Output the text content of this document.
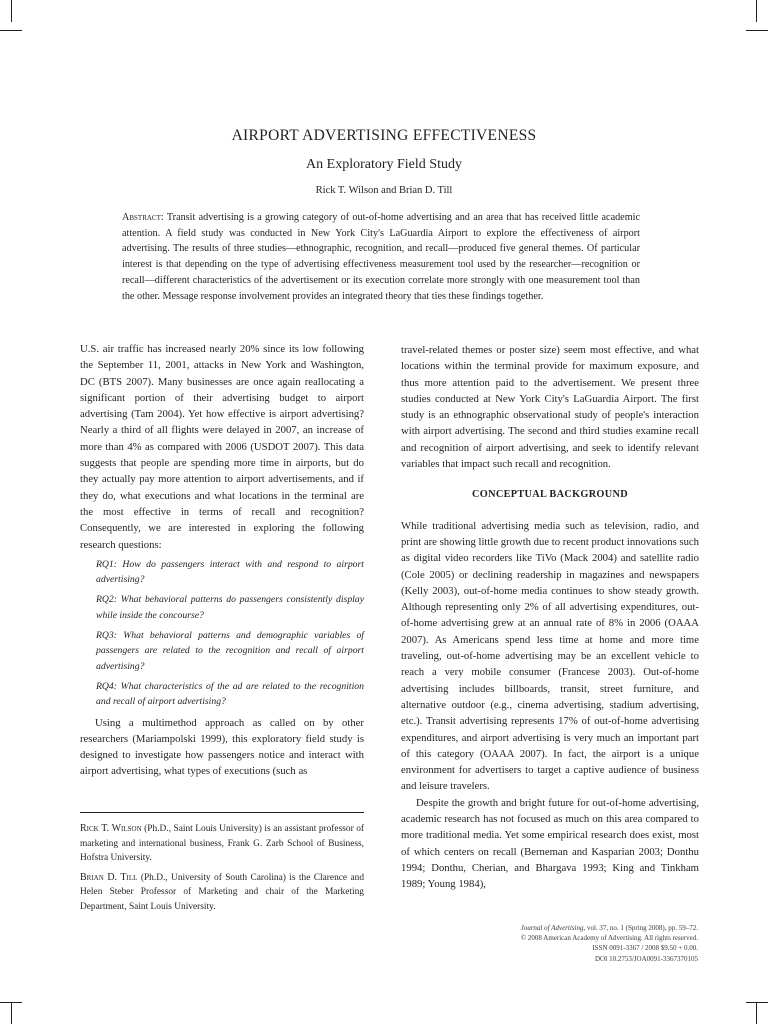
AIRPORT ADVERTISING EFFECTIVENESS
An Exploratory Field Study
Rick T. Wilson and Brian D. Till
Abstract: Transit advertising is a growing category of out-of-home advertising and an area that has received little academic attention. A field study was conducted in New York City's LaGuardia Airport to explore the effectiveness of airport advertising. The results of three studies—ethnographic, recognition, and recall—produced five general themes. Of particular interest is that depending on the type of advertising effectiveness measurement tool used by the researcher—recognition or recall—different characteristics of the advertisement or its execution correlate more strongly with one measurement tool than the other. Message response involvement provides an integrated theory that ties these findings together.

U.S. air traffic has increased nearly 20% since its low following the September 11, 2001, attacks in New York and Washington, DC (BTS 2007). Many businesses are once again reallocating a significant portion of their advertising budget to airport advertising (Tam 2004). Yet how effective is airport advertising? Nearly a third of all flights were delayed in 2007, an increase of more than 4% as compared with 2006 (USDOT 2007). This data suggests that people are spending more time in airports, but do they actually pay more attention to airport advertisements, and if they do, what executions and what locations in the terminal are the most effective in terms of recall and recognition? Consequently, we are interested in exploring the following research questions:

RQ1: How do passengers interact with and respond to airport advertising?

RQ2: What behavioral patterns do passengers consistently display while inside the concourse?

RQ3: What behavioral patterns and demographic variables of passengers are related to the recognition and recall of airport advertising?

RQ4: What characteristics of the ad are related to the recognition and recall of airport advertising?

Using a multimethod approach as called on by other researchers (Mariampolski 1999), this exploratory field study is designed to investigate how passengers notice and interact with airport advertising, what types of executions (such as

travel-related themes or poster size) seem most effective, and what locations within the terminal provide for maximum exposure, and thus more attention paid to the advertisement. We present three studies conducted at New York City's LaGuardia Airport. The first study is an ethnographic observational study of people's interaction with airport advertising. The second and third studies examine recall and recognition of airport advertising, and seek to identify relevant variables that impact such recall and recognition.

CONCEPTUAL BACKGROUND

While traditional advertising media such as television, radio, and print are showing little growth due to recent product innovations such as digital video recorders like TiVo (Mack 2004) and satellite radio (Cole 2005) or declining readership in magazines and newspapers (Kelly 2003), out-of-home media continues to show steady growth. Although representing only 2% of all advertising expenditures, out-of-home advertising grew at an annual rate of 8% in 2006 (OAAA 2007). As Americans spend less time at home and more time traveling, out-of-home advertising may be an excellent vehicle to reach a very mobile consumer (Francese 2003). Out-of-home advertising includes billboards, transit, street furniture, and alternative outdoor (e.g., cinema advertising, stadium advertising, etc.). Transit advertising represents 17% of out-of-home advertising expenditures, and airport advertising is very much an important part of this category (OAAA 2007). In fact, the airport is a unique environment for advertisers to target a captive audience of business and leisure travelers.

Despite the growth and bright future for out-of-home advertising, academic research has not focused as much on this area compared to more traditional media. Yet some empirical research does exist, most of which centers on recall (Berneman and Kasparian 2003; Donthu 1994; Donthu, Cherian, and Bhargava 1993; King and Tinkham 1989; Young 1984),

Rick T. Wilson (Ph.D., Saint Louis University) is an assistant professor of marketing and international business, Frank G. Zarb School of Business, Hofstra University.

Brian D. Till (Ph.D., University of South Carolina) is the Clarence and Helen Steber Professor of Marketing and chair of the Marketing Department, Saint Louis University.

Journal of Advertising, vol. 37, no. 1 (Spring 2008), pp. 59–72.
© 2008 American Academy of Advertising. All rights reserved.
ISSN 0091-3367 / 2008 $9.50 + 0.00.
DOI 10.2753/JOA0091-3367370105
